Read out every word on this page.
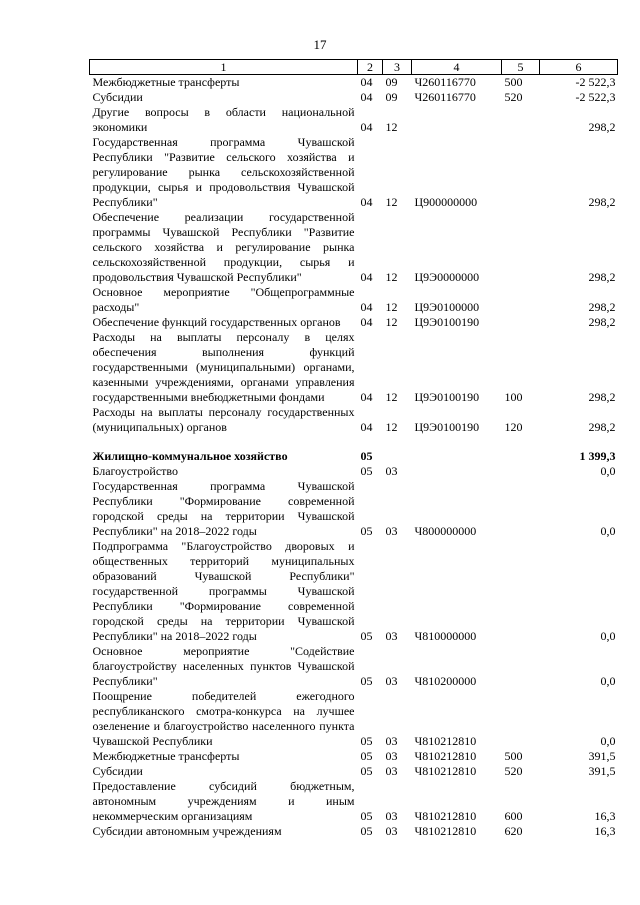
17
1	2	3	4	5	6
Межбюджетные трансферты	04	09	Ч260116770	500	-2 522,3
Субсидии	04	09	Ч260116770	520	-2 522,3
Другие вопросы в области национальной экономики	04	12			298,2
Государственная программа Чувашской Республики "Развитие сельского хозяйства и регулирование рынка сельскохозяйственной продукции, сырья и продовольствия Чувашской Республики"	04	12	Ц900000000		298,2
Обеспечение реализации государственной программы Чувашской Республики "Развитие сельского хозяйства и регулирование рынка сельскохозяйственной продукции, сырья и продовольствия Чувашской Республики"	04	12	Ц9Э0000000		298,2
Основное мероприятие "Общепрограммные расходы"	04	12	Ц9Э0100000		298,2
Обеспечение функций государственных органов	04	12	Ц9Э0100190		298,2
Расходы на выплаты персоналу в целях обеспечения выполнения функций государственными (муниципальными) органами, казенными учреждениями, органами управления государственными внебюджетными фондами	04	12	Ц9Э0100190	100	298,2
Расходы на выплаты персоналу государственных (муниципальных) органов	04	12	Ц9Э0100190	120	298,2

Жилищно-коммунальное хозяйство	05				1 399,3
Благоустройство	05	03			0,0
Государственная программа Чувашской Республики "Формирование современной городской среды на территории Чувашской Республики" на 2018–2022 годы	05	03	Ч800000000		0,0
Подпрограмма "Благоустройство дворовых и общественных территорий муниципальных образований Чувашской Республики" государственной программы Чувашской Республики "Формирование современной городской среды на территории Чувашской Республики" на 2018–2022 годы	05	03	Ч810000000		0,0
Основное мероприятие "Содействие благоустройству населенных пунктов Чувашской Республики"	05	03	Ч810200000		0,0
Поощрение победителей ежегодного республиканского смотра-конкурса на лучшее озеленение и благоустройство населенного пункта Чувашской Республики	05	03	Ч810212810		0,0
Межбюджетные трансферты	05	03	Ч810212810	500	391,5
Субсидии	05	03	Ч810212810	520	391,5
Предоставление субсидий бюджетным, автономным учреждениям и иным некоммерческим организациям	05	03	Ч810212810	600	16,3
Субсидии автономным учреждениям	05	03	Ч810212810	620	16,3
